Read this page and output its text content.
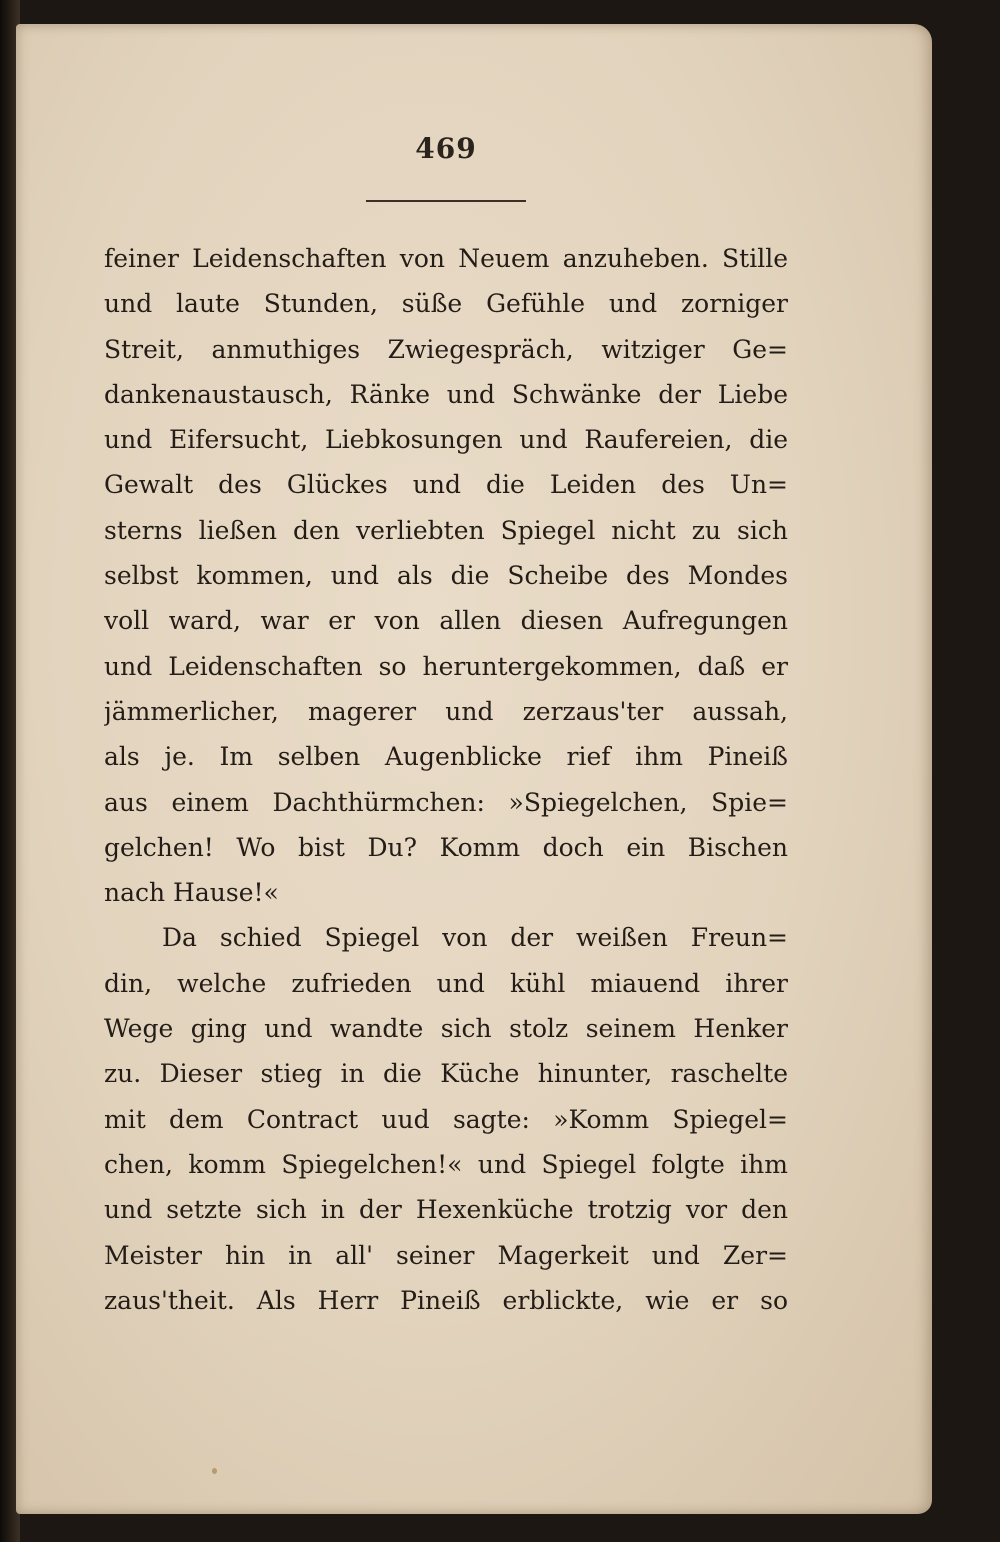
469
feiner Leidenschaften von Neuem anzuheben. Stille
und laute Stunden, süße Gefühle und zorniger
Streit, anmuthiges Zwiegespräch, witziger Ge=
dankenaustausch, Ränke und Schwänke der Liebe
und Eifersucht, Liebkosungen und Raufereien, die
Gewalt des Glückes und die Leiden des Un=
sterns ließen den verliebten Spiegel nicht zu sich
selbst kommen, und als die Scheibe des Mondes
voll ward, war er von allen diesen Aufregungen
und Leidenschaften so heruntergekommen, daß er
jämmerlicher, magerer und zerzaus'ter aussah,
als je. Im selben Augenblicke rief ihm Pineiß
aus einem Dachthürmchen: »Spiegelchen, Spie=
gelchen! Wo bist Du? Komm doch ein Bischen
nach Hause!«
Da schied Spiegel von der weißen Freun=
din, welche zufrieden und kühl miauend ihrer
Wege ging und wandte sich stolz seinem Henker
zu. Dieser stieg in die Küche hinunter, raschelte
mit dem Contract uud sagte: »Komm Spiegel=
chen, komm Spiegelchen!« und Spiegel folgte ihm
und setzte sich in der Hexenküche trotzig vor den
Meister hin in all' seiner Magerkeit und Zer=
zaus'theit. Als Herr Pineiß erblickte, wie er so
